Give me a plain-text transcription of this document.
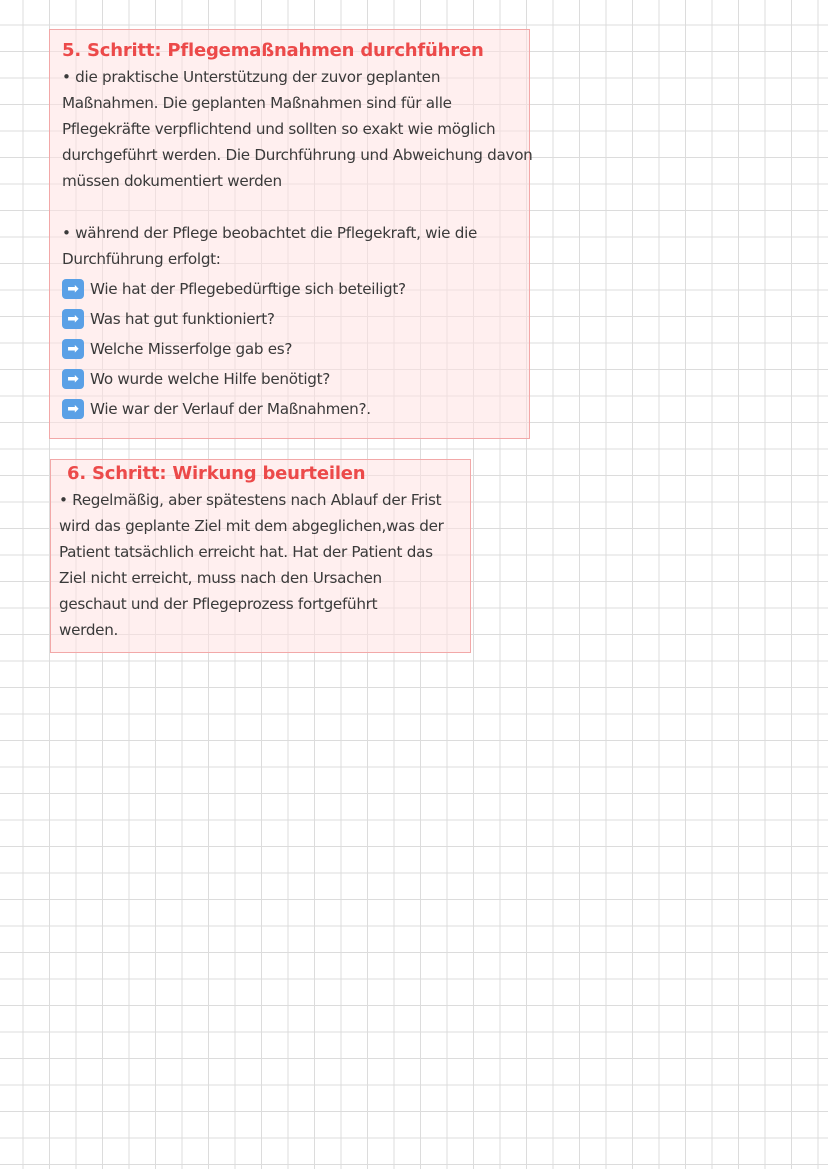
5. Schritt: Pflegemaßnahmen durchführen
• die praktische Unterstützung der zuvor geplanten
Maßnahmen. Die geplanten Maßnahmen sind für alle
Pflegekräfte verpflichtend und sollten so exakt wie möglich
durchgeführt werden. Die Durchführung und Abweichung davon
müssen dokumentiert werden
• während der Pflege beobachtet die Pflegekraft, wie die
Durchführung erfolgt:
➡ Wie hat der Pflegebedürftige sich beteiligt?
➡ Was hat gut funktioniert?
➡ Welche Misserfolge gab es?
➡ Wo wurde welche Hilfe benötigt?
➡ Wie war der Verlauf der Maßnahmen?.
6. Schritt: Wirkung beurteilen
• Regelmäßig, aber spätestens nach Ablauf der Frist
wird das geplante Ziel mit dem abgeglichen,was der
Patient tatsächlich erreicht hat. Hat der Patient das
Ziel nicht erreicht, muss nach den Ursachen
geschaut und der Pflegeprozess fortgeführt
werden.
